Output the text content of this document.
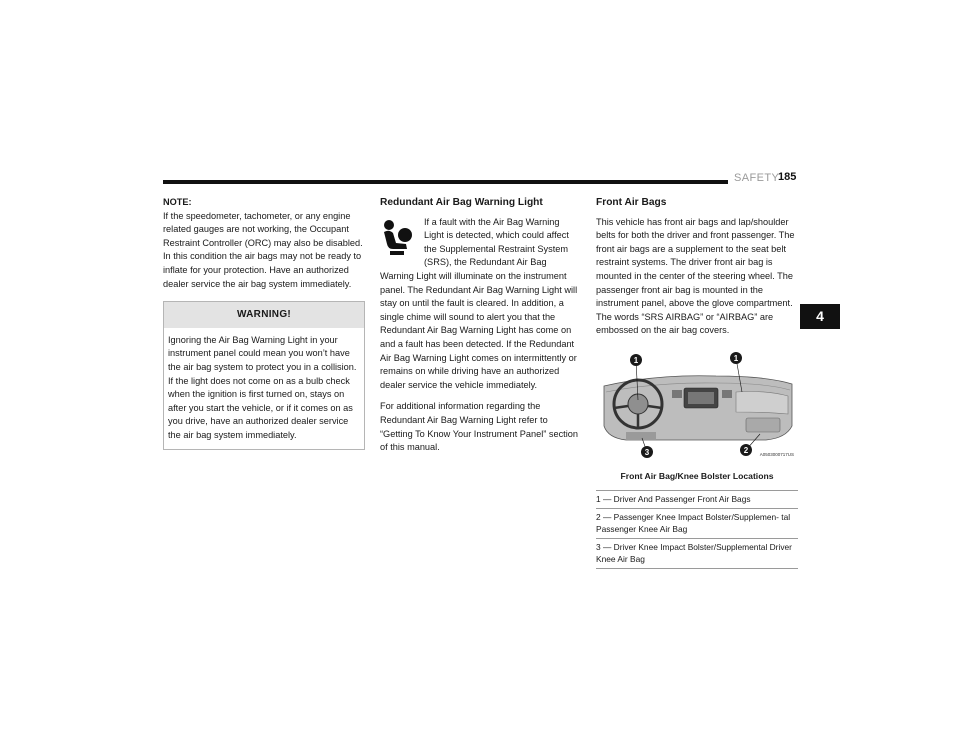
SAFETY
185
NOTE:

If the speedometer, tachometer, or any engine related gauges are not working, the Occupant Restraint Controller (ORC) may also be disabled. In this condition the air bags may not be ready to inflate for your protection. Have an authorized dealer service the air bag system immediately.

WARNING!
Ignoring the Air Bag Warning Light in your instrument panel could mean you won’t have the air bag system to protect you in a collision. If the light does not come on as a bulb check when the ignition is first turned on, stays on after you start the vehicle, or if it comes on as you drive, have an authorized dealer service the air bag system immediately.
Redundant Air Bag Warning Light

If a fault with the Air Bag Warning Light is detected, which could affect the Supplemental Restraint System (SRS), the Redundant Air Bag Warning Light will illuminate on the instrument panel. The Redundant Air Bag Warning Light will stay on until the fault is cleared. In addition, a single chime will sound to alert you that the Redundant Air Bag Warning Light has come on and a fault has been detected. If the Redundant Air Bag Warning Light comes on intermittently or remains on while driving have an authorized dealer service the vehicle immediately.

For additional information regarding the Redundant Air Bag Warning Light refer to “Getting To Know Your Instrument Panel” section of this manual.

Front Air Bags

This vehicle has front air bags and lap/shoulder belts for both the driver and front passenger. The front air bags are a supplement to the seat belt restraint systems. The driver front air bag is mounted in the center of the steering wheel. The passenger front air bag is mounted in the instrument panel, above the glove compartment. The words “SRS AIRBAG” or “AIRBAG” are embossed on the air bag covers.

1	1
3	2	A0503000717US
Front Air Bag/Knee Bolster Locations
1 — Driver And Passenger Front Air Bags
2 — Passenger Knee Impact Bolster/Supplemen- tal Passenger Knee Air Bag
3 — Driver Knee Impact Bolster/Supplemental Driver Knee Air Bag
4
